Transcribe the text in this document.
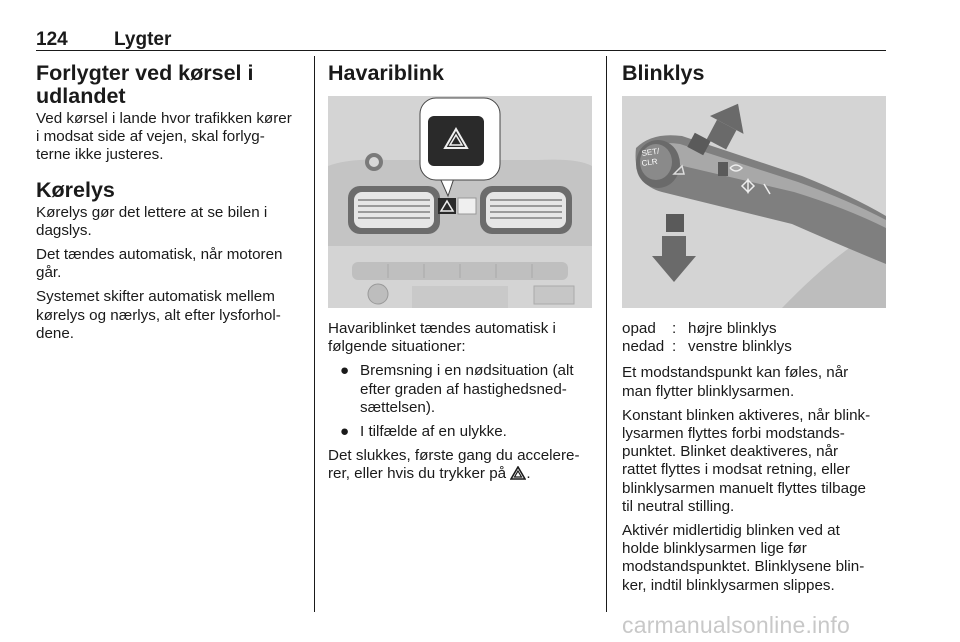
124 Lygter
Forlygter ved kørsel i
udlandet

Ved kørsel i lande hvor trafikken kører
i modsat side af vejen, skal forlyg-
terne ikke justeres.

Kørelys

Kørelys gør det lettere at se bilen i
dagslys.

Det tændes automatisk, når motoren
går.

Systemet skifter automatisk mellem
kørelys og nærlys, alt efter lysforhol-
dene.

Havariblink

Havariblinket tændes automatisk i
følgende situationer:

● Bremsning i en nødsituation (alt
efter graden af hastighedsned-
sættelsen).
● I tilfælde af en ulykke.

Det slukkes, første gang du accelere-
rer, eller hvis du trykker på .

Blinklys
SET/
CLR
opad	:	højre blinklys
nedad	:	venstre blinklys

Et modstandspunkt kan føles, når
man flytter blinklysarmen.

Konstant blinken aktiveres, når blink-
lysarmen flyttes forbi modstands-
punktet. Blinket deaktiveres, når
rattet flyttes i modsat retning, eller
blinklysarmen manuelt flyttes tilbage
til neutral stilling.

Aktivér midlertidig blinken ved at
holde blinklysarmen lige før
modstandspunktet. Blinklysene blin-
ker, indtil blinklysarmen slippes.

carmanualsonline.info
